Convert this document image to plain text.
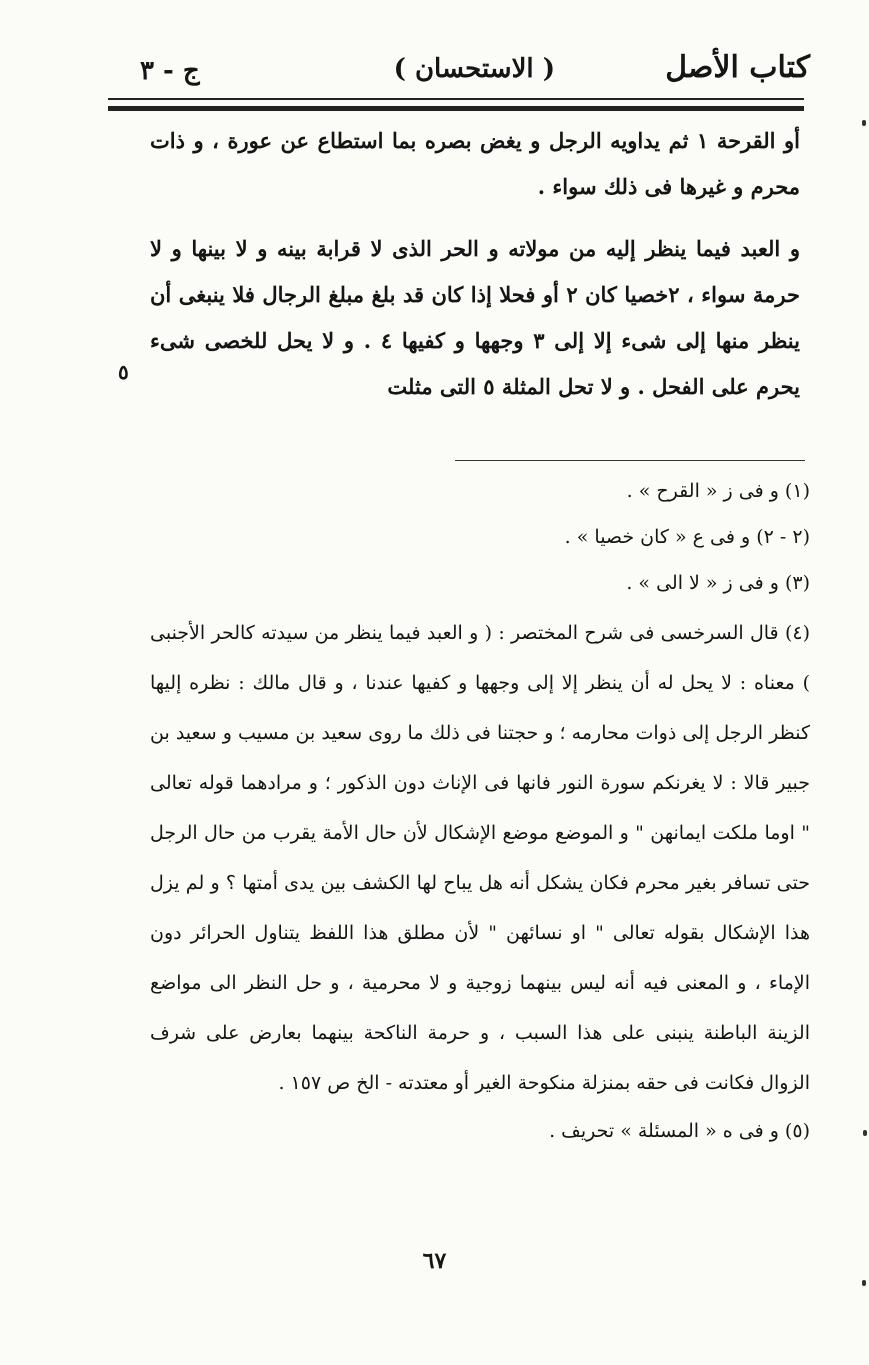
كتاب الأصل
( الاستحسان )
ج - ٣

أو القرحة ١ ثم يداويه الرجل و يغض بصره بما استطاع عن عورة ، و ذات محرم و غيرها فى ذلك سواء .

و العبد فيما ينظر إليه من مولاته و الحر الذى لا قرابة بينه و لا بينها و لا حرمة سواء ، ٢خصيا كان ٢ أو فحلا إذا كان قد بلغ مبلغ الرجال فلا ينبغى أن ينظر منها إلى شىء إلا إلى ٣ وجهها و كفيها ٤ . و لا يحل للخصى شىء يحرم على الفحل . و لا تحل المثلة ٥ التى مثلت

٥

(١) و فى ز « القرح » .

(٢ - ٢) و فى ع « كان خصيا » .

(٣) و فى ز « لا الى » .

(٤) قال السرخسى فى شرح المختصر : ( و العبد فيما ينظر من سيدته كالحر الأجنبى ) معناه : لا يحل له أن ينظر إلا إلى وجهها و كفيها عندنا ، و قال مالك : نظره إليها كنظر الرجل إلى ذوات محارمه ؛ و حجتنا فى ذلك ما روى سعيد بن مسيب و سعيد بن جبير قالا : لا يغرنكم سورة النور فانها فى الإناث دون الذكور ؛ و مرادهما قوله تعالى " اوما ملكت ايمانهن " و الموضع موضع الإشكال لأن حال الأمة يقرب من حال الرجل حتى تسافر بغير محرم فكان يشكل أنه هل يباح لها الكشف بين يدى أمتها ؟ و لم يزل هذا الإشكال بقوله تعالى " او نسائهن " لأن مطلق هذا اللفظ يتناول الحرائر دون الإماء ، و المعنى فيه أنه ليس بينهما زوجية و لا محرمية ، و حل النظر الى مواضع الزينة الباطنة ينبنى على هذا السبب ، و حرمة الناكحة بينهما بعارض على شرف الزوال فكانت فى حقه بمنزلة منكوحة الغير أو معتدته - الخ ص ١٥٧ .

(٥) و فى ه « المسئلة » تحريف .

٦٧
